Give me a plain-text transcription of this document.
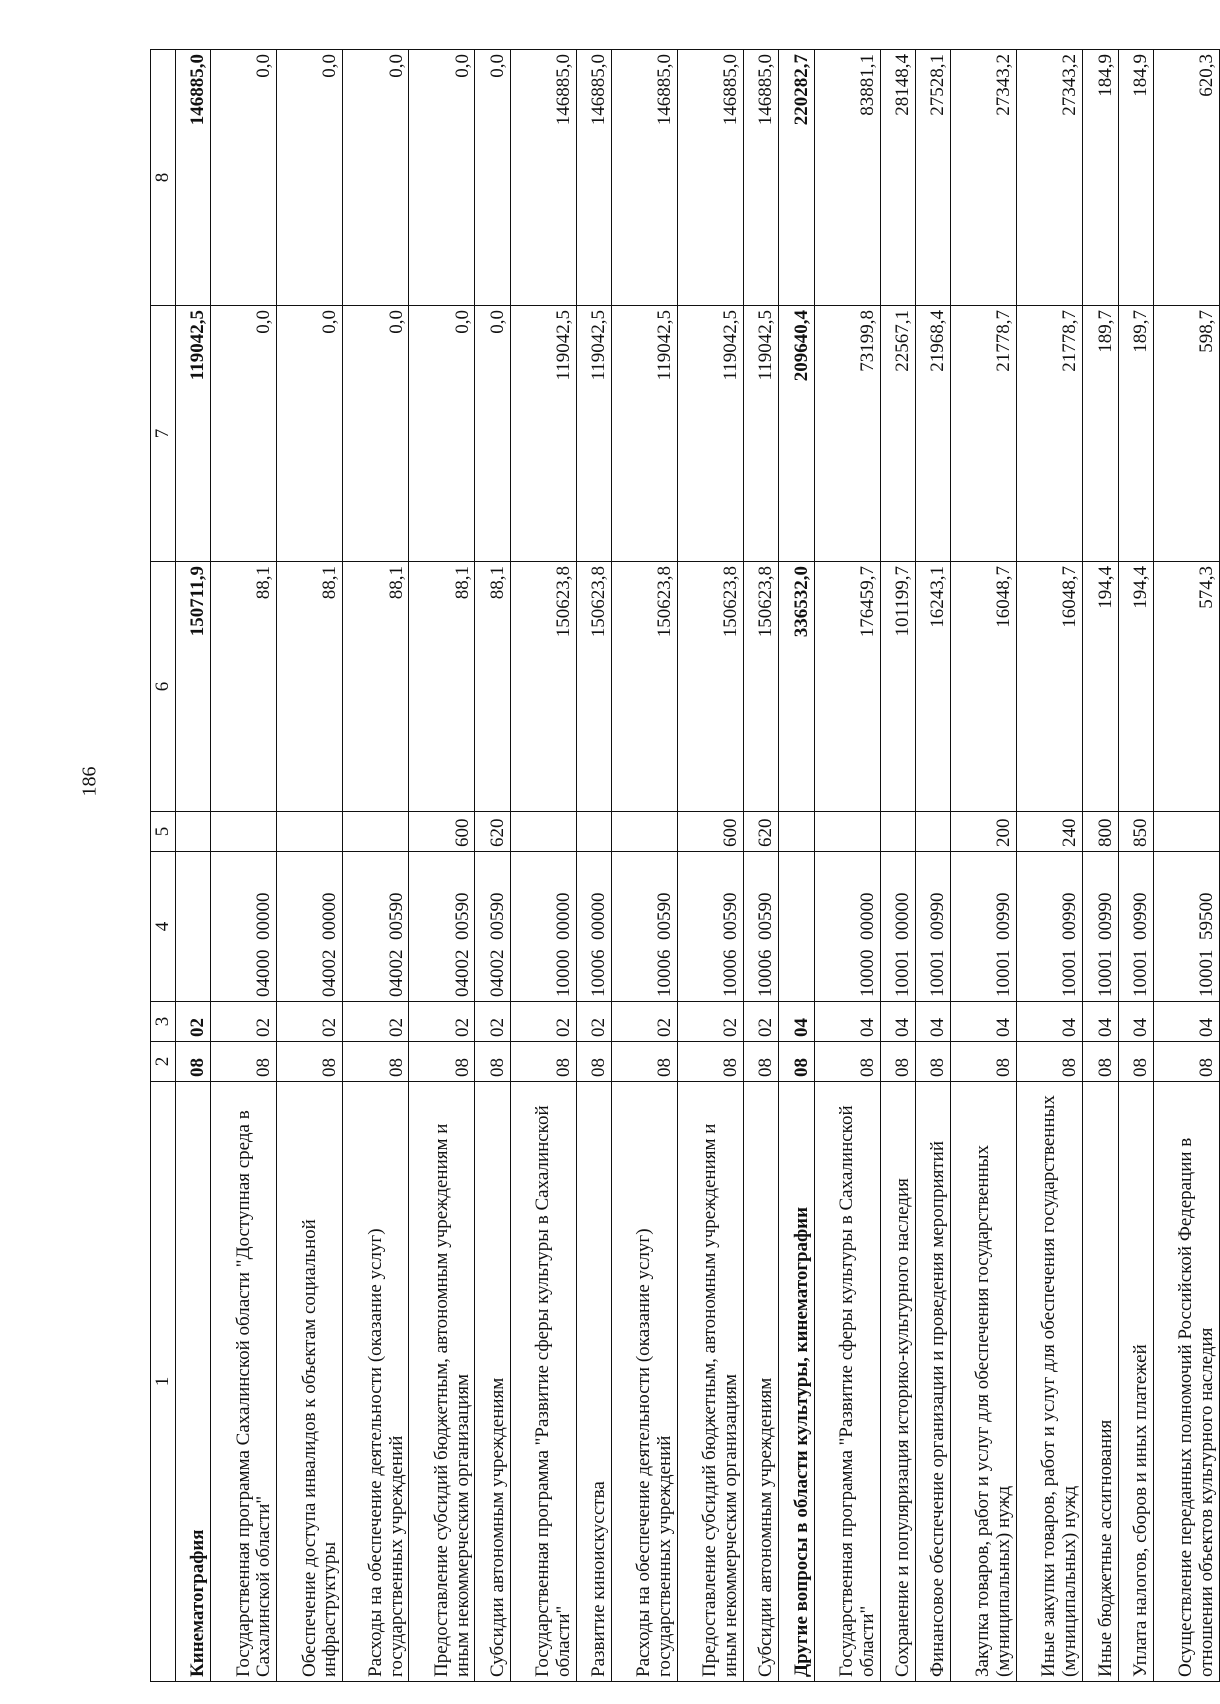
186
1	2	3	4	5	6	7	8
Кинематография	08	02			150711,9	119042,5	146885,0
Государственная программа Сахалинской области "Доступная среда в Сахалинской области"	08	02	04000  00000		88,1	0,0	0,0
Обеспечение доступа инвалидов к объектам социальной инфраструктуры	08	02	04002  00000		88,1	0,0	0,0
Расходы на обеспечение деятельности (оказание услуг) государственных учреждений	08	02	04002  00590		88,1	0,0	0,0
Предоставление субсидий бюджетным, автономным учреждениям и иным некоммерческим организациям	08	02	04002  00590	600	88,1	0,0	0,0
Субсидии автономным учреждениям	08	02	04002  00590	620	88,1	0,0	0,0
Государственная программа "Развитие сферы культуры в Сахалинской области"	08	02	10000  00000		150623,8	119042,5	146885,0
Развитие киноискусства	08	02	10006  00000		150623,8	119042,5	146885,0
Расходы на обеспечение деятельности (оказание услуг) государственных учреждений	08	02	10006  00590		150623,8	119042,5	146885,0
Предоставление субсидий бюджетным, автономным учреждениям и иным некоммерческим организациям	08	02	10006  00590	600	150623,8	119042,5	146885,0
Субсидии автономным учреждениям	08	02	10006  00590	620	150623,8	119042,5	146885,0
Другие вопросы в области культуры, кинематографии	08	04			336532,0	209640,4	220282,7
Государственная программа "Развитие сферы культуры в Сахалинской области"	08	04	10000  00000		176459,7	73199,8	83881,1
Сохранение и популяризация историко-культурного наследия	08	04	10001  00000		101199,7	22567,1	28148,4
Финансовое обеспечение организации и проведения мероприятий	08	04	10001  00990		16243,1	21968,4	27528,1
Закупка товаров, работ и услуг для обеспечения государственных (муниципальных) нужд	08	04	10001  00990	200	16048,7	21778,7	27343,2
Иные закупки товаров, работ и услуг для обеспечения государственных (муниципальных) нужд	08	04	10001  00990	240	16048,7	21778,7	27343,2
Иные бюджетные ассигнования	08	04	10001  00990	800	194,4	189,7	184,9
Уплата налогов, сборов и иных платежей	08	04	10001  00990	850	194,4	189,7	184,9
Осуществление переданных полномочий Российской Федерации в отношении объектов культурного наследия	08	04	10001  59500		574,3	598,7	620,3
